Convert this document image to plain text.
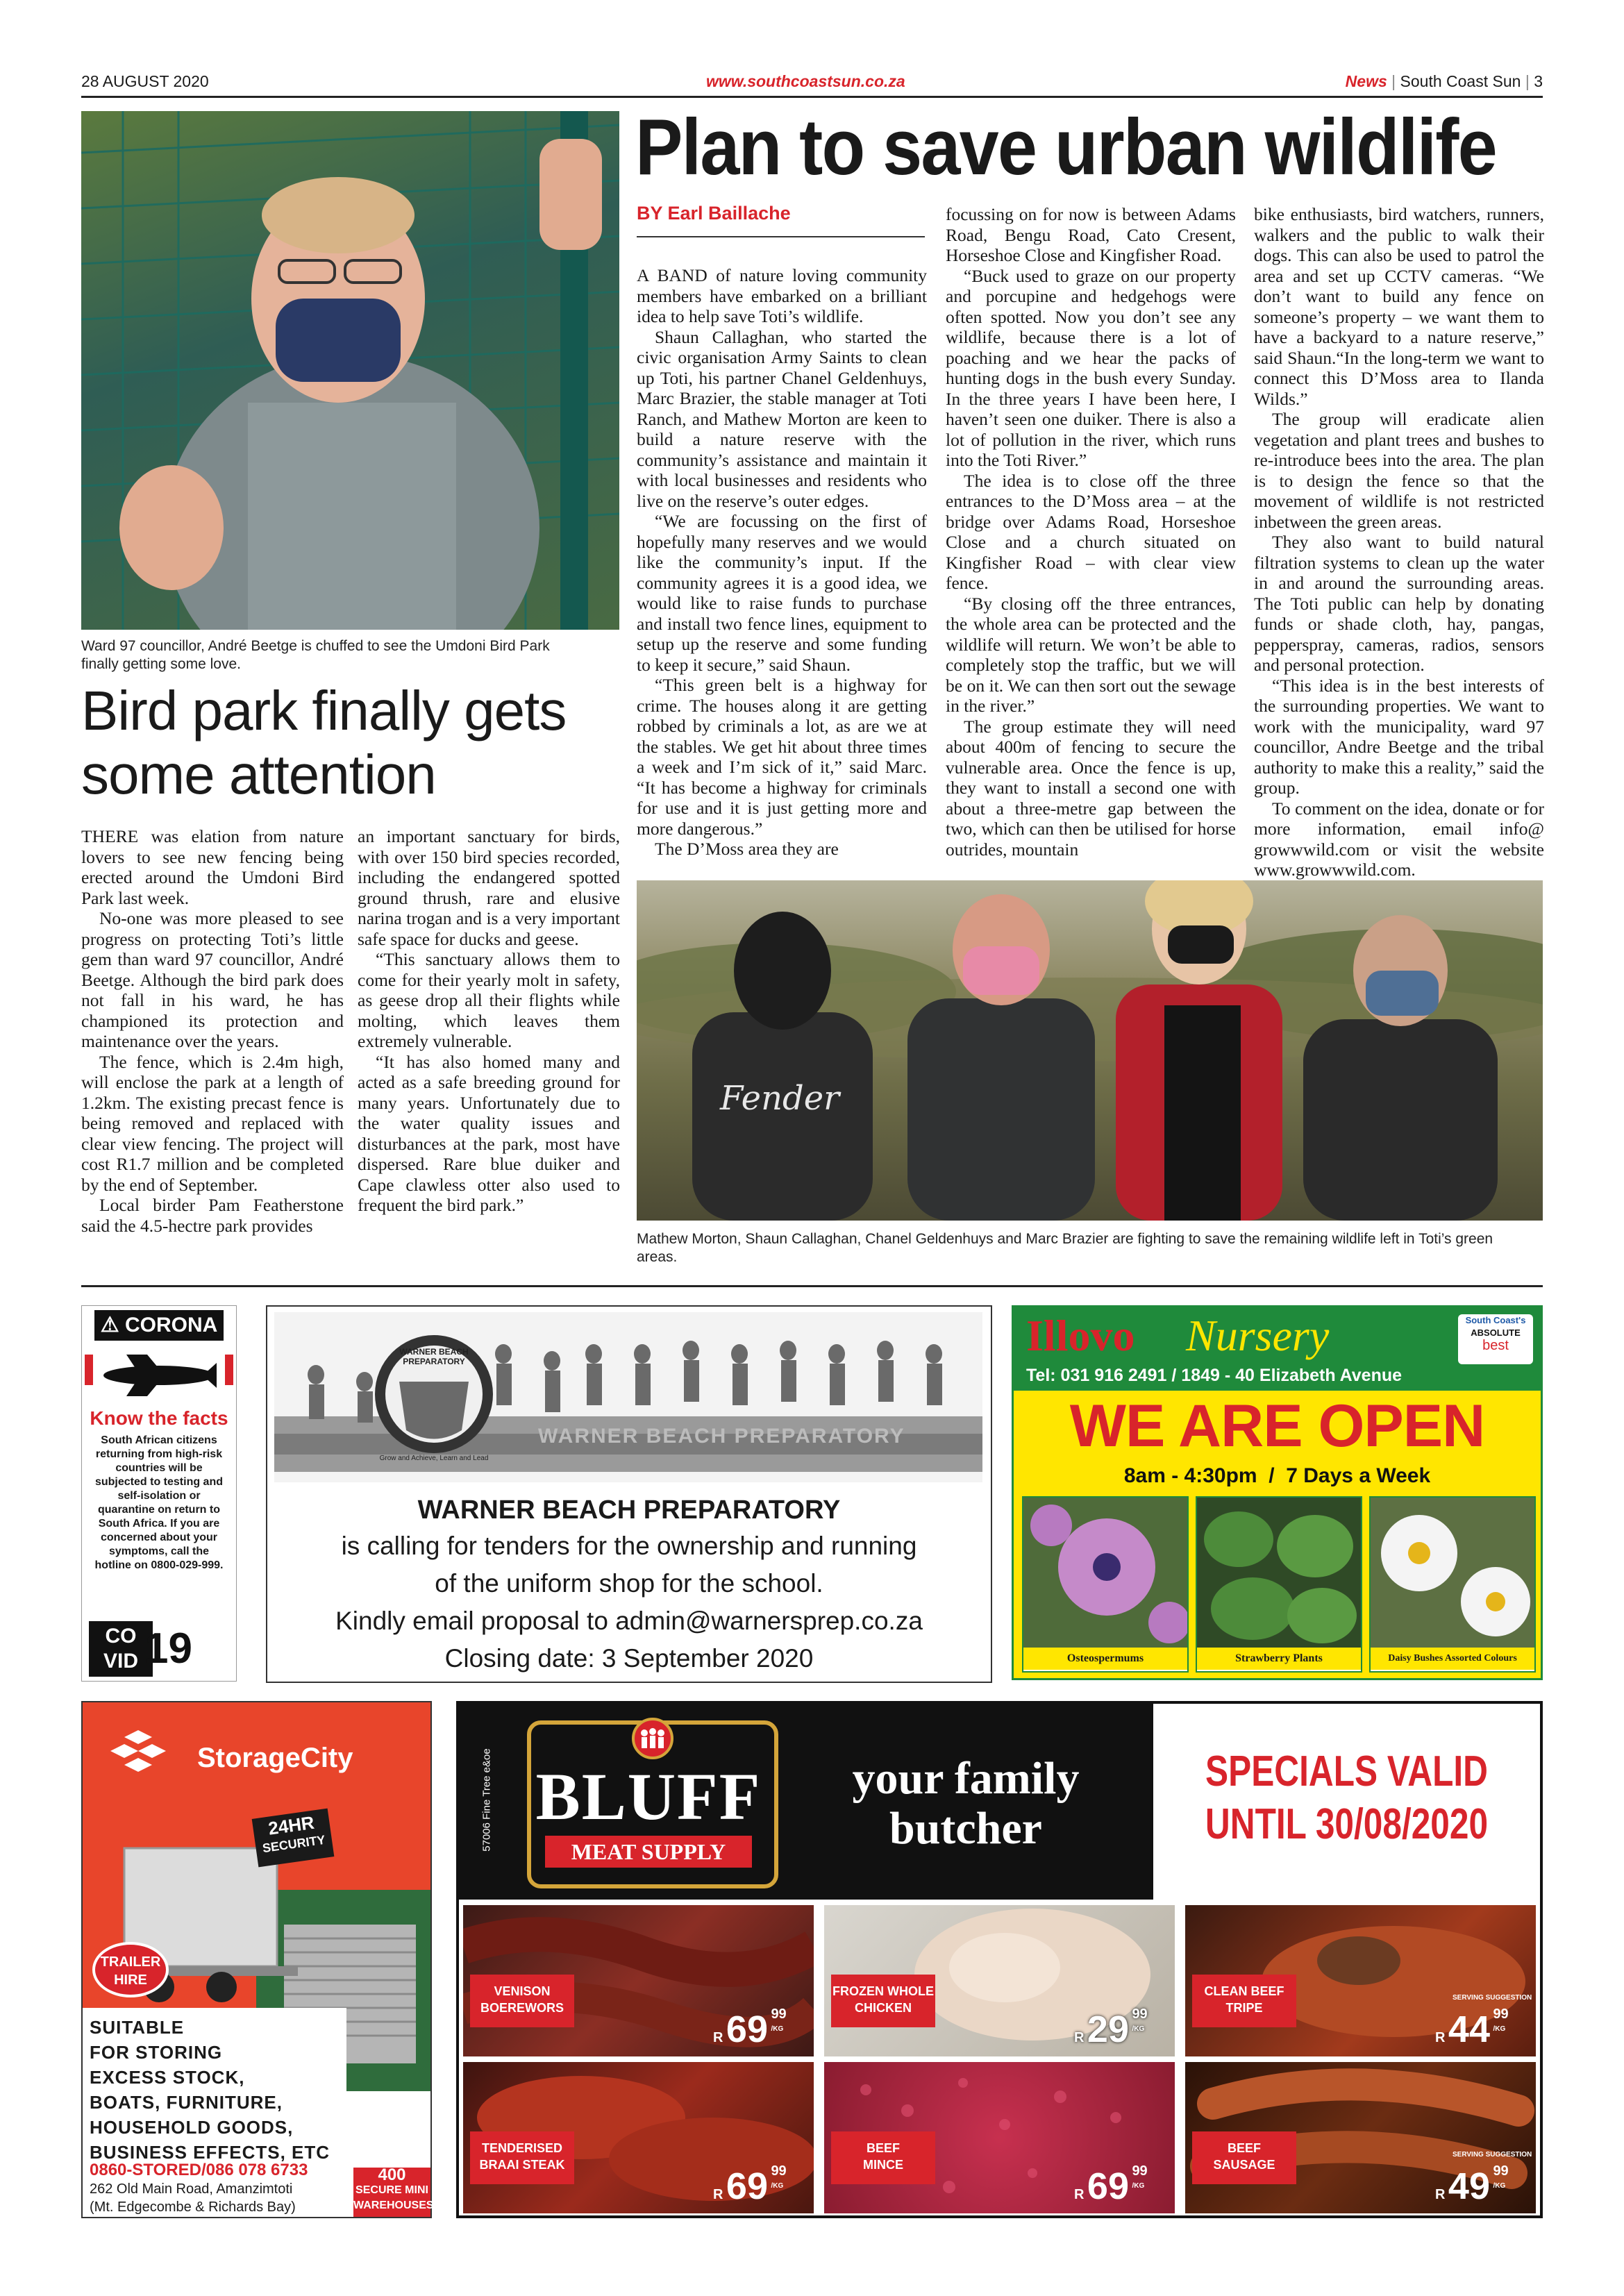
28 AUGUST 2020	www.southcoastsun.co.za	News | South Coast Sun | 3
Ward 97 councillor, André Beetge is chuffed to see the Umdoni Bird Park finally getting some love.
Bird park finally gets some attention

THERE was elation from nature lovers to see new fencing being erected around the Umdoni Bird Park last week.

No-one was more pleased to see progress on protecting Toti’s little gem than ward 97 councillor, André Beetge. Although the bird park does not fall in his ward, he has championed its protection and maintenance over the years.

The fence, which is 2.4m high, will enclose the park at a length of 1.2km. The existing precast fence is being removed and replaced with clear view fencing. The project will cost R1.7 million and be completed by the end of September.

Local birder Pam Featherstone said the 4.5-hectre park provides

an important sanctuary for birds, with over 150 bird species recorded, including the endangered spotted ground thrush, rare and elusive narina trogan and is a very important safe space for ducks and geese.

“This sanctuary allows them to come for their yearly molt in safety, as geese drop all their flights while molting, which leaves them extremely vulnerable.

“It has also homed many and acted as a safe breeding ground for many years. Unfortunately due to the water quality issues and disturbances at the park, most have dispersed. Rare blue duiker and Cape clawless otter also used to frequent the bird park.”

Plan to save urban wildlife
BY Earl Baillache

A BAND of nature loving community members have embarked on a brilliant idea to help save Toti’s wildlife.

Shaun Callaghan, who started the civic organisation Army Saints to clean up Toti, his partner Chanel Geldenhuys, Marc Brazier, the stable manager at Toti Ranch, and Mathew Morton are keen to build a nature reserve with the community’s assistance and maintain it with local businesses and residents who live on the reserve’s outer edges.

“We are focussing on the first of hopefully many reserves and we would like the community’s input. If the community agrees it is a good idea, we would like to raise funds to purchase and install two fence lines, equipment to setup up the reserve and some funding to keep it secure,” said Shaun.

“This green belt is a highway for crime. The houses along it are getting robbed by criminals a lot, as are we at the stables. We get hit about three times a week and I’m sick of it,” said Marc. “It has become a highway for criminals for use and it is just getting more and more dangerous.”

The D’Moss area they are

focussing on for now is between Adams Road, Bengu Road, Cato Cresent, Horseshoe Close and Kingfisher Road.

“Buck used to graze on our property and porcupine and hedgehogs were often spotted. Now you don’t see any wildlife, because there is a lot of poaching and we hear the packs of hunting dogs in the bush every Sunday. In the three years I have been here, I haven’t seen one duiker. There is also a lot of pollution in the river, which runs into the Toti River.”

The idea is to close off the three entrances to the D’Moss area – at the bridge over Adams Road, Horseshoe Close and a church situated on Kingfisher Road – with clear view fence.

“By closing off the three entrances, the whole area can be protected and the wildlife will return. We won’t be able to completely stop the traffic, but we will be on it. We can then sort out the sewage in the river.”

The group estimate they will need about 400m of fencing to secure the vulnerable area. Once the fence is up, they want to install a second one with about a three-metre gap between the two, which can then be utilised for horse outrides, mountain

bike enthusiasts, bird watchers, runners, walkers and the public to walk their dogs. This can also be used to patrol the area and set up CCTV cameras. “We don’t want to build any fence on someone’s property – we want them to have a backyard to a nature reserve,” said Shaun.“In the long-term we want to connect this D’Moss area to Ilanda Wilds.”

The group will eradicate alien vegetation and plant trees and bushes to re-introduce bees into the area. The plan is to design the fence so that the movement of wildlife is not restricted inbetween the green areas.

They also want to build natural filtration systems to clean up the water in and around the surrounding areas. The Toti public can help by donating funds or shade cloth, hay, pangas, pepperspray, cameras, radios, sensors and personal protection.

“This idea is in the best interests of the surrounding properties. We want to work with the municipality, ward 97 councillor, Andre Beetge and the tribal authority to make this a reality,” said the group.

To comment on the idea, donate or for more information, email info@ growwwild.com or visit the website www.growwwild.com.

Fender
Mathew Morton, Shaun Callaghan, Chanel Geldenhuys and Marc Brazier are fighting to save the remaining wildlife left in Toti’s green areas.
⚠ CORONA
Know the facts
South African citizens returning from high-risk countries will be subjected to testing and self-isolation or quarantine on return to South Africa. If you are concerned about your symptoms, call the hotline on 0800-029-999.
CO
VID 19
WARNER BEACH PREPARATORY
Grow and Achieve, Learn and Lead
WARNER BEACH PREPARATORY
WARNER BEACH PREPARATORY
is calling for tenders for the ownership and running
of the uniform shop for the school.
Kindly email proposal to admin@warnersprep.co.za
Closing date: 3 September 2020
Illovo Nursery	South Coast's
ABSOLUTE
best
Tel: 031 916 2491 / 1849 - 40 Elizabeth Avenue
WE ARE OPEN
8am - 4:30pm  /  7 Days a Week
Osteospermums	Strawberry Plants	Daisy Bushes Assorted Colours
StorageCity
24HR
SECURITY
TRAILER
HIRE
SUITABLE
FOR STORING
EXCESS STOCK,
BOATS, FURNITURE,
HOUSEHOLD GOODS,
BUSINESS EFFECTS, ETC
0860-STORED/086 078 6733
262 Old Main Road, Amanzimtoti
(Mt. Edgecombe & Richards Bay)
400
SECURE MINI
WAREHOUSES
57006 Fine Tree e&oe BLUFF
MEAT SUPPLY
your family
butcher
SPECIALS VALID
UNTIL 30/08/2020
VENISON
BOEREWORS
R 69 99
/KG
FROZEN WHOLE
CHICKEN
R 29 99
/KG
CLEAN BEEF
TRIPE
SERVING SUGGESTION
R 44 99
/KG
TENDERISED
BRAAI STEAK
R 69 99
/KG
BEEF
MINCE
R 69 99
/KG
BEEF
SAUSAGE
SERVING SUGGESTION
R 49 99
/KG
